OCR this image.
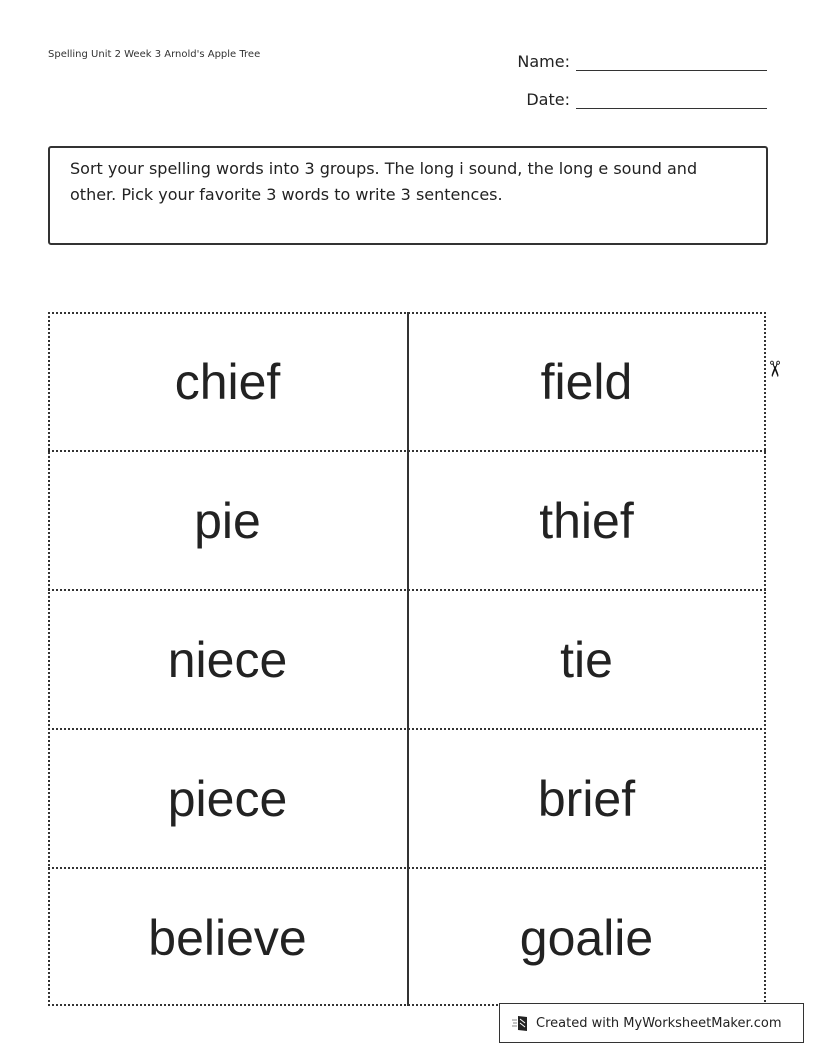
Spelling Unit 2 Week 3 Arnold's Apple Tree	Name:
Date:
Sort your spelling words into 3 groups. The long i sound, the long e sound and other. Pick your favorite 3 words to write 3 sentences.
chief	field
pie	thief
niece	tie
piece	brief
believe	goalie
✂
Created with MyWorksheetMaker.com
